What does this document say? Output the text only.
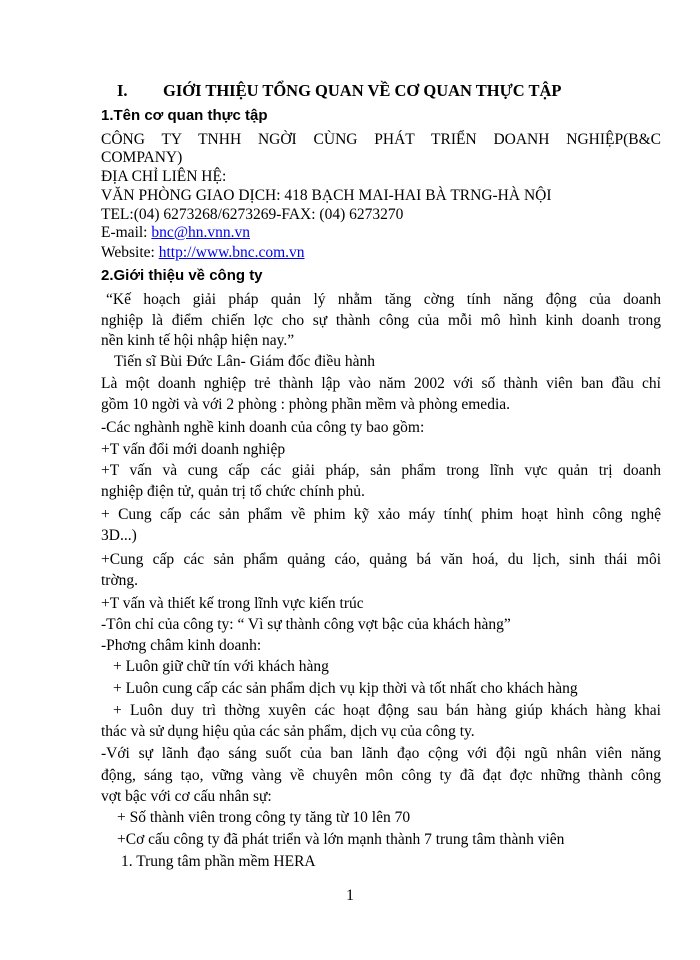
I. GIỚI THIỆU TỔNG QUAN VỀ CƠ QUAN THỰC TẬP
1.Tên cơ quan thực tập

CÔNG TY TNHH NGỜI CÙNG PHÁT TRIỂN DOANH NGHIỆP(B&C

COMPANY)

ĐỊA CHỈ LIÊN HỆ:

VĂN PHÒNG GIAO DỊCH: 418 BẠCH MAI-HAI BÀ TRNG-HÀ NỘI

TEL:(04) 6273268/6273269-FAX: (04) 6273270

E-mail: bnc@hn.vnn.vn

Website: http://www.bnc.com.vn

2.Giới thiệu về công ty

“Kế hoạch giải pháp quản lý nhằm tăng cờng tính năng động của doanh

nghiệp là điểm chiến lợc cho sự thành công của mỗi mô hình kinh doanh trong

nền kinh tế hội nhập hiện nay.”

Tiến sĩ Bùi Đức Lân- Giám đốc điều hành

Là một doanh nghiệp trẻ thành lập vào năm 2002 với số thành viên ban đầu chỉ

gồm 10 ngời và với 2 phòng : phòng phần mềm và phòng emedia.

-Các nghành nghề kinh doanh của công ty bao gồm:

+T vấn đổi mới doanh nghiệp

+T vấn và cung cấp các giải pháp, sản phẩm trong lĩnh vực quản trị doanh

nghiệp điện tử, quản trị tổ chức chính phủ.

+ Cung cấp các sản phẩm về phim kỹ xảo máy tính( phim hoạt hình công nghệ

3D...)

+Cung cấp các sản phẩm quảng cáo, quảng bá văn hoá, du lịch, sinh thái môi

trờng.

+T vấn và thiết kế trong lĩnh vực kiến trúc

-Tôn chỉ của công ty: “ Vì sự thành công vợt bậc của khách hàng”

-Phơng châm kinh doanh:

+ Luôn giữ chữ tín với khách hàng

+ Luôn cung cấp các sản phẩm dịch vụ kịp thời và tốt nhất cho khách hàng

+ Luôn duy trì thờng xuyên các hoạt động sau bán hàng giúp khách hàng khai

thác và sử dụng hiệu qủa các sản phẩm, dịch vụ của công ty.

-Với sự lãnh đạo sáng suốt của ban lãnh đạo cộng với đội ngũ nhân viên năng

động, sáng tạo, vững vàng về chuyên môn công ty đã đạt đợc những thành công

vợt bậc với cơ cấu nhân sự:

+ Số thành viên trong công ty tăng từ 10 lên 70

+Cơ cấu công ty đã phát triển và lớn mạnh thành 7 trung tâm thành viên

1. Trung tâm phần mềm HERA

1
